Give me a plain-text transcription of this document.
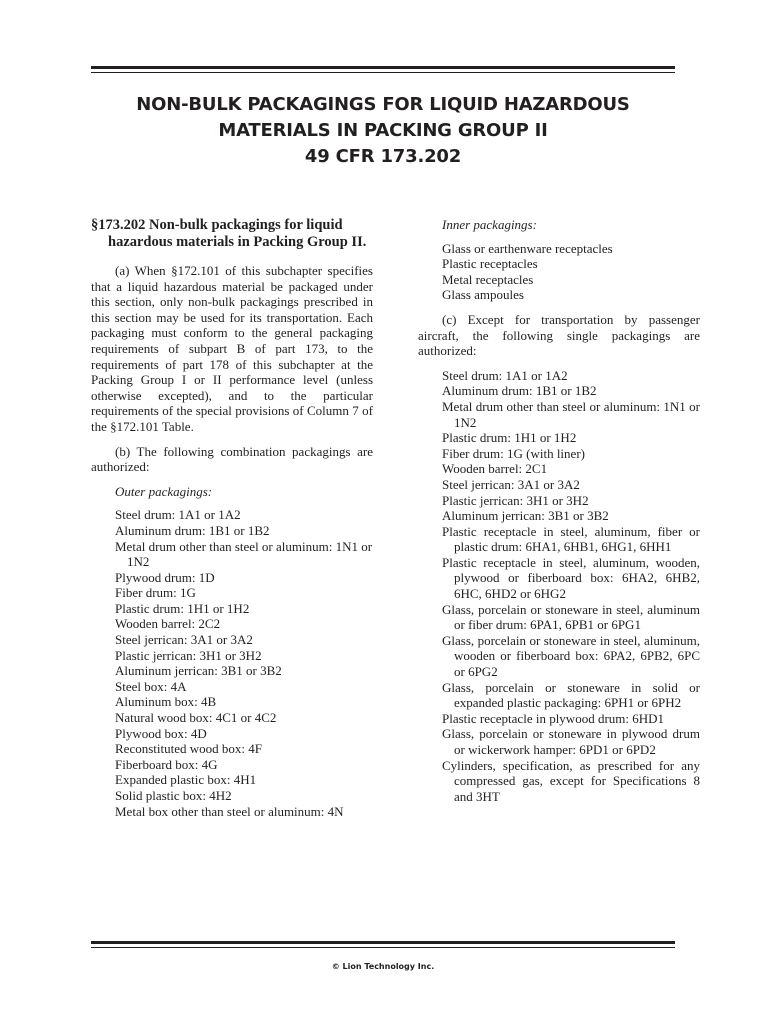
NON-BULK PACKAGINGS FOR LIQUID HAZARDOUS
MATERIALS IN PACKING GROUP II
49 CFR 173.202
§173.202 Non-bulk packagings for liquid
hazardous materials in Packing Group II.

(a) When §172.101 of this subchapter specifies that a liquid hazardous material be packaged under this section, only non-bulk packagings prescribed in this section may be used for its transportation. Each packaging must conform to the general packaging requirements of subpart B of part 173, to the requirements of part 178 of this subchapter at the Packing Group I or II performance level (unless otherwise excepted), and to the particular requirements of the special provisions of Column 7 of the §172.101 Table.

(b) The following combination packagings are authorized:

Outer packagings:

Steel drum: 1A1 or 1A2
Aluminum drum: 1B1 or 1B2
Metal drum other than steel or aluminum: 1N1 or 1N2
Plywood drum: 1D
Fiber drum: 1G
Plastic drum: 1H1 or 1H2
Wooden barrel: 2C2
Steel jerrican: 3A1 or 3A2
Plastic jerrican: 3H1 or 3H2
Aluminum jerrican: 3B1 or 3B2
Steel box: 4A
Aluminum box: 4B
Natural wood box: 4C1 or 4C2
Plywood box: 4D
Reconstituted wood box: 4F
Fiberboard box: 4G
Expanded plastic box: 4H1
Solid plastic box: 4H2
Metal box other than steel or aluminum: 4N

Inner packagings:

Glass or earthenware receptacles
Plastic receptacles
Metal receptacles
Glass ampoules

(c) Except for transportation by passenger aircraft, the following single packagings are authorized:

Steel drum: 1A1 or 1A2
Aluminum drum: 1B1 or 1B2
Metal drum other than steel or aluminum: 1N1 or 1N2
Plastic drum: 1H1 or 1H2
Fiber drum: 1G (with liner)
Wooden barrel: 2C1
Steel jerrican: 3A1 or 3A2
Plastic jerrican: 3H1 or 3H2
Aluminum jerrican: 3B1 or 3B2
Plastic receptacle in steel, aluminum, fiber or plastic drum: 6HA1, 6HB1, 6HG1, 6HH1
Plastic receptacle in steel, aluminum, wooden, plywood or fiberboard box: 6HA2, 6HB2, 6HC, 6HD2 or 6HG2
Glass, porcelain or stoneware in steel, aluminum or fiber drum: 6PA1, 6PB1 or 6PG1
Glass, porcelain or stoneware in steel, aluminum, wooden or fiberboard box: 6PA2, 6PB2, 6PC or 6PG2
Glass, porcelain or stoneware in solid or expanded plastic packaging: 6PH1 or 6PH2
Plastic receptacle in plywood drum: 6HD1
Glass, porcelain or stoneware in plywood drum or wickerwork hamper: 6PD1 or 6PD2
Cylinders, specification, as prescribed for any compressed gas, except for Specifications 8 and 3HT
© Lion Technology Inc.
